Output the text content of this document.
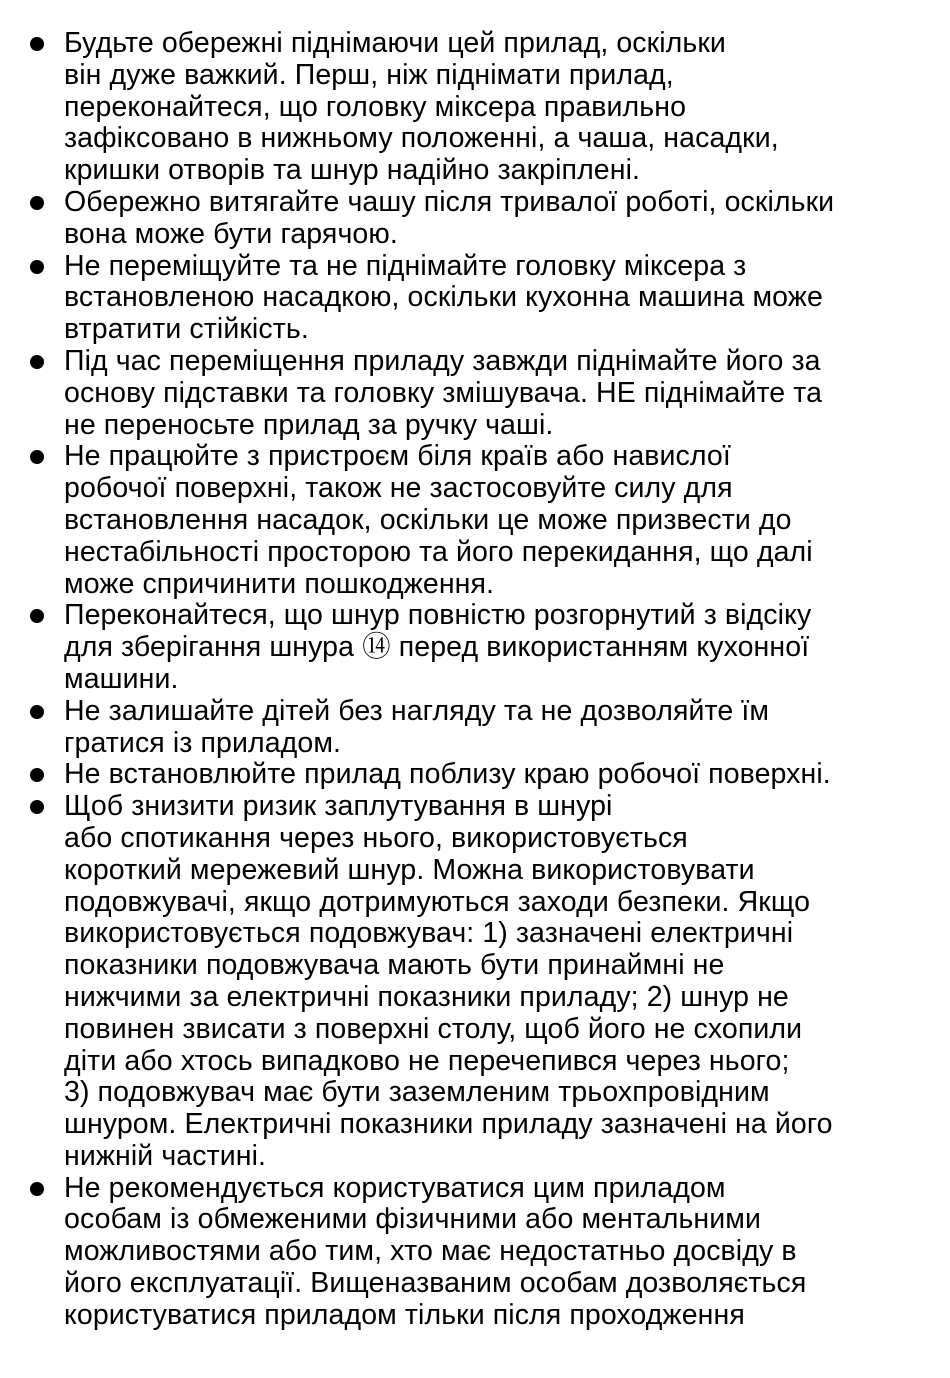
Будьте обережні піднімаючи цей прилад, оскільки
він дуже важкий. Перш, ніж піднімати прилад,
переконайтеся, що головку міксера правильно
зафіксовано в нижньому положенні, а чаша, насадки,
кришки отворів та шнур надійно закріплені.
Обережно витягайте чашу після тривалої роботі, оскільки
вона може бути гарячою.
Не переміщуйте та не піднімайте головку міксера з
встановленою насадкою, оскільки кухонна машина може
втратити стійкість.
Під час переміщення приладу завжди піднімайте його за
основу підставки та головку змішувача. НЕ піднімайте та
не переносьте прилад за ручку чаші.
Не працюйте з пристроєм біля країв або навислої
робочої поверхні, також не застосовуйте силу для
встановлення насадок, оскільки це може призвести до
нестабільності просторою та його перекидання, що далі
може спричинити пошкодження.
Переконайтеся, що шнур повністю розгорнутий з відсіку
для зберігання шнура ⑭ перед використанням кухонної
машини.
Не залишайте дітей без нагляду та не дозволяйте їм
гратися із приладом.
Не встановлюйте прилад поблизу краю робочої поверхні.
Щоб знизити ризик заплутування в шнурі
або спотикання через нього, використовується
короткий мережевий шнур. Можна використовувати
подовжувачі, якщо дотримуються заходи безпеки. Якщо
використовується подовжувач: 1) зазначені електричні
показники подовжувача мають бути принаймні не
нижчими за електричні показники приладу; 2) шнур не
повинен звисати з поверхні столу, щоб його не схопили
діти або хтось випадково не перечепився через нього;
3) подовжувач має бути заземленим трьохпровідним
шнуром. Електричні показники приладу зазначені на його
нижній частині.
Не рекомендується користуватися цим приладом
особам із обмеженими фізичними або ментальними
можливостями або тим, хто має недостатньо досвіду в
його експлуатації. Вищеназваним особам дозволяється
користуватися приладом тільки після проходження
